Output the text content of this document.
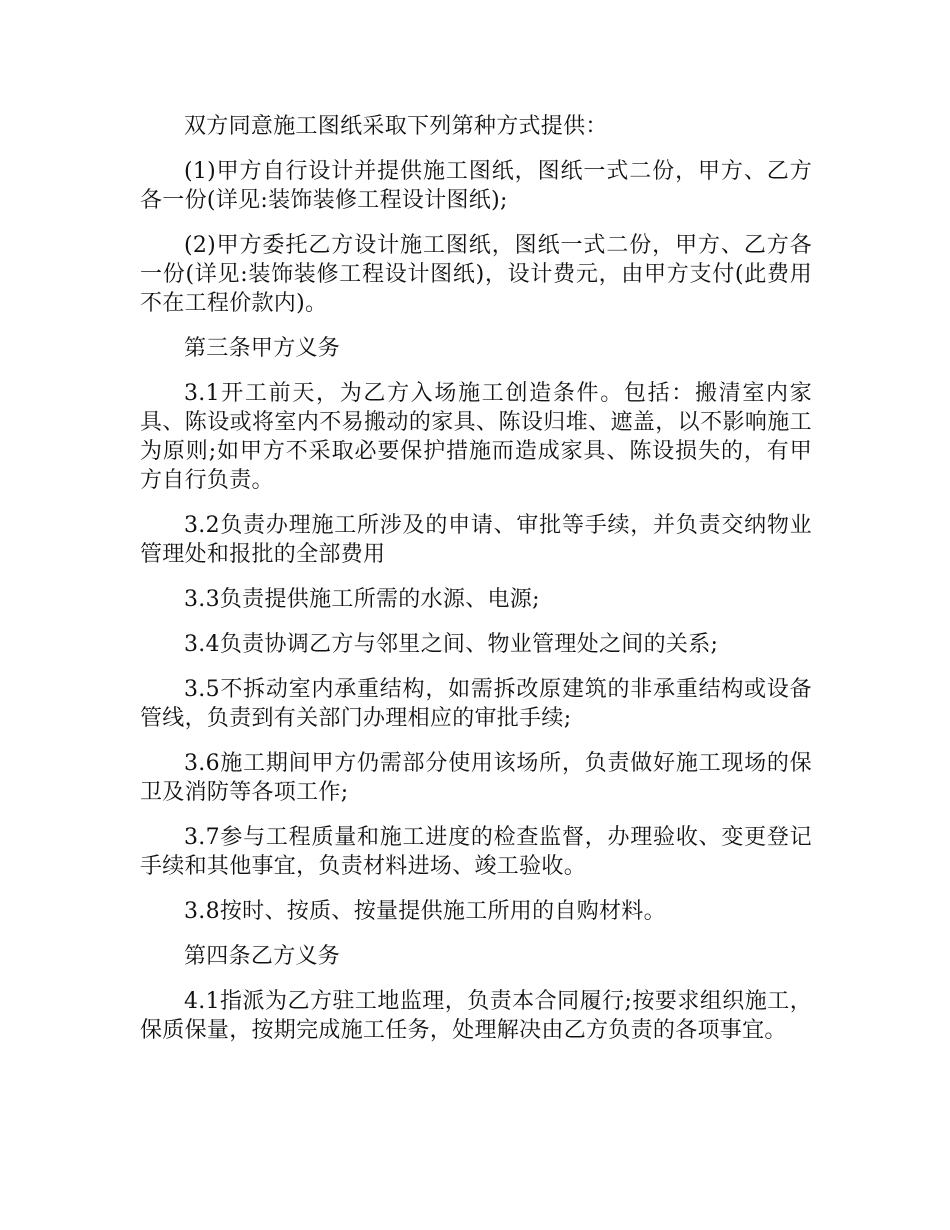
双方同意施工图纸采取下列第种方式提供：

(1)甲方自行设计并提供施工图纸，图纸一式二份，甲方、乙方各一份(详见:装饰装修工程设计图纸);

(2)甲方委托乙方设计施工图纸，图纸一式二份，甲方、乙方各一份(详见:装饰装修工程设计图纸)，设计费元，由甲方支付(此费用不在工程价款内)。

第三条甲方义务

3.1开工前天，为乙方入场施工创造条件。包括：搬清室内家具、陈设或将室内不易搬动的家具、陈设归堆、遮盖，以不影响施工为原则;如甲方不采取必要保护措施而造成家具、陈设损失的，有甲方自行负责。

3.2负责办理施工所涉及的申请、审批等手续，并负责交纳物业管理处和报批的全部费用

3.3负责提供施工所需的水源、电源;

3.4负责协调乙方与邻里之间、物业管理处之间的关系;

3.5不拆动室内承重结构，如需拆改原建筑的非承重结构或设备管线，负责到有关部门办理相应的审批手续;

3.6施工期间甲方仍需部分使用该场所，负责做好施工现场的保卫及消防等各项工作;

3.7参与工程质量和施工进度的检查监督，办理验收、变更登记手续和其他事宜，负责材料进场、竣工验收。

3.8按时、按质、按量提供施工所用的自购材料。

第四条乙方义务

4.1指派为乙方驻工地监理，负责本合同履行;按要求组织施工，保质保量，按期完成施工任务，处理解决由乙方负责的各项事宜。
